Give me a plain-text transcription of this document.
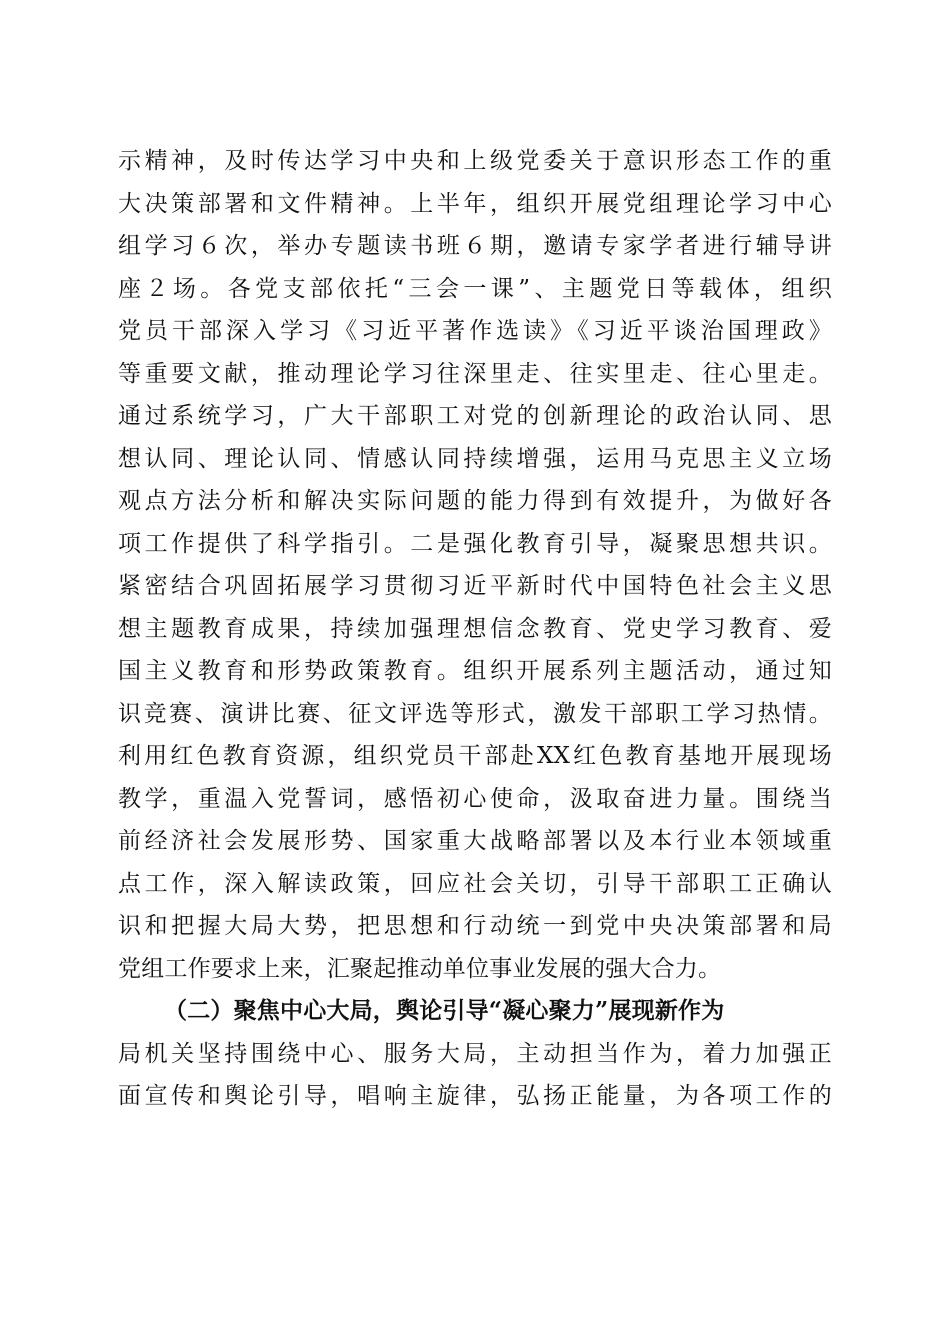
示精神，及时传达学习中央和上级党委关于意识形态工作的重
大决策部署和文件精神。上半年，组织开展党组理论学习中心
组学习６次，举办专题读书班６期，邀请专家学者进行辅导讲
座２场。各党支部依托“三会一课”、主题党日等载体，组织
党员干部深入学习《习近平著作选读》《习近平谈治国理政》
等重要文献，推动理论学习往深里走、往实里走、往心里走。
通过系统学习，广大干部职工对党的创新理论的政治认同、思
想认同、理论认同、情感认同持续增强，运用马克思主义立场
观点方法分析和解决实际问题的能力得到有效提升，为做好各
项工作提供了科学指引。二是强化教育引导，凝聚思想共识。
紧密结合巩固拓展学习贯彻习近平新时代中国特色社会主义思
想主题教育成果，持续加强理想信念教育、党史学习教育、爱
国主义教育和形势政策教育。组织开展系列主题活动，通过知
识竞赛、演讲比赛、征文评选等形式，激发干部职工学习热情。
利用红色教育资源，组织党员干部赴XX红色教育基地开展现场
教学，重温入党誓词，感悟初心使命，汲取奋进力量。围绕当
前经济社会发展形势、国家重大战略部署以及本行业本领域重
点工作，深入解读政策，回应社会关切，引导干部职工正确认
识和把握大局大势，把思想和行动统一到党中央决策部署和局
党组工作要求上来，汇聚起推动单位事业发展的强大合力。
（二）聚焦中心大局，舆论引导“凝心聚力”展现新作为
局机关坚持围绕中心、服务大局，主动担当作为，着力加强正
面宣传和舆论引导，唱响主旋律，弘扬正能量，为各项工作的
